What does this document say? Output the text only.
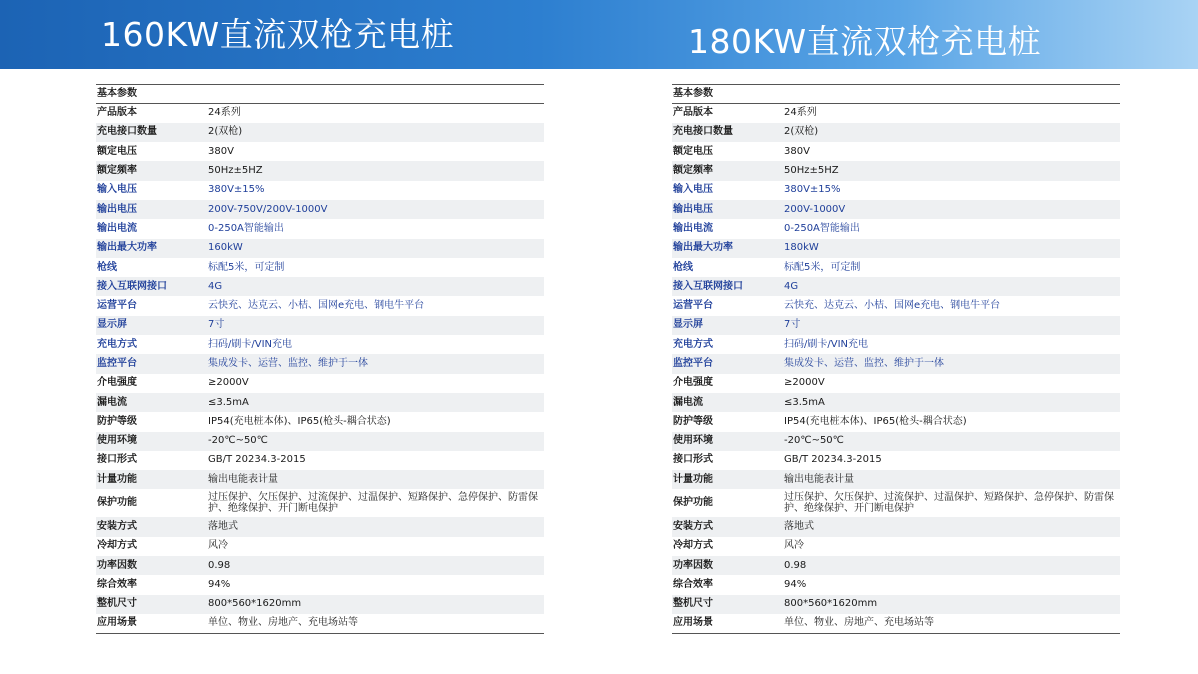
160KW直流双枪充电桩	180KW直流双枪充电桩
基本参数	
产品版本	24系列
充电接口数量	2(双枪)
额定电压	380V
额定频率	50Hz±5HZ
输入电压	380V±15%
输出电压	200V-750V/200V-1000V
输出电流	0-250A智能输出
输出最大功率	160kW
枪线	标配5米，可定制
接入互联网接口	4G
运营平台	云快充、达克云、小桔、国网e充电、钢电牛平台
显示屏	7寸
充电方式	扫码/刷卡/VIN充电
监控平台	集成发卡、运营、监控、维护于一体
介电强度	≥2000V
漏电流	≤3.5mA
防护等级	IP54(充电桩本体)、IP65(枪头-耦合状态)
使用环境	-20℃~50℃
接口形式	GB/T 20234.3-2015
计量功能	输出电能表计量
保护功能	过压保护、欠压保护、过流保护、过温保护、短路保护、急停保护、防雷保护、绝缘保护、开门断电保护
安装方式	落地式
冷却方式	风冷
功率因数	0.98
综合效率	94%
整机尺寸	800*560*1620mm
应用场景	单位、物业、房地产、充电场站等
基本参数	
产品版本	24系列
充电接口数量	2(双枪)
额定电压	380V
额定频率	50Hz±5HZ
输入电压	380V±15%
输出电压	200V-1000V
输出电流	0-250A智能输出
输出最大功率	180kW
枪线	标配5米，可定制
接入互联网接口	4G
运营平台	云快充、达克云、小桔、国网e充电、钢电牛平台
显示屏	7寸
充电方式	扫码/刷卡/VIN充电
监控平台	集成发卡、运营、监控、维护于一体
介电强度	≥2000V
漏电流	≤3.5mA
防护等级	IP54(充电桩本体)、IP65(枪头-耦合状态)
使用环境	-20℃~50℃
接口形式	GB/T 20234.3-2015
计量功能	输出电能表计量
保护功能	过压保护、欠压保护、过流保护、过温保护、短路保护、急停保护、防雷保护、绝缘保护、开门断电保护
安装方式	落地式
冷却方式	风冷
功率因数	0.98
综合效率	94%
整机尺寸	800*560*1620mm
应用场景	单位、物业、房地产、充电场站等
